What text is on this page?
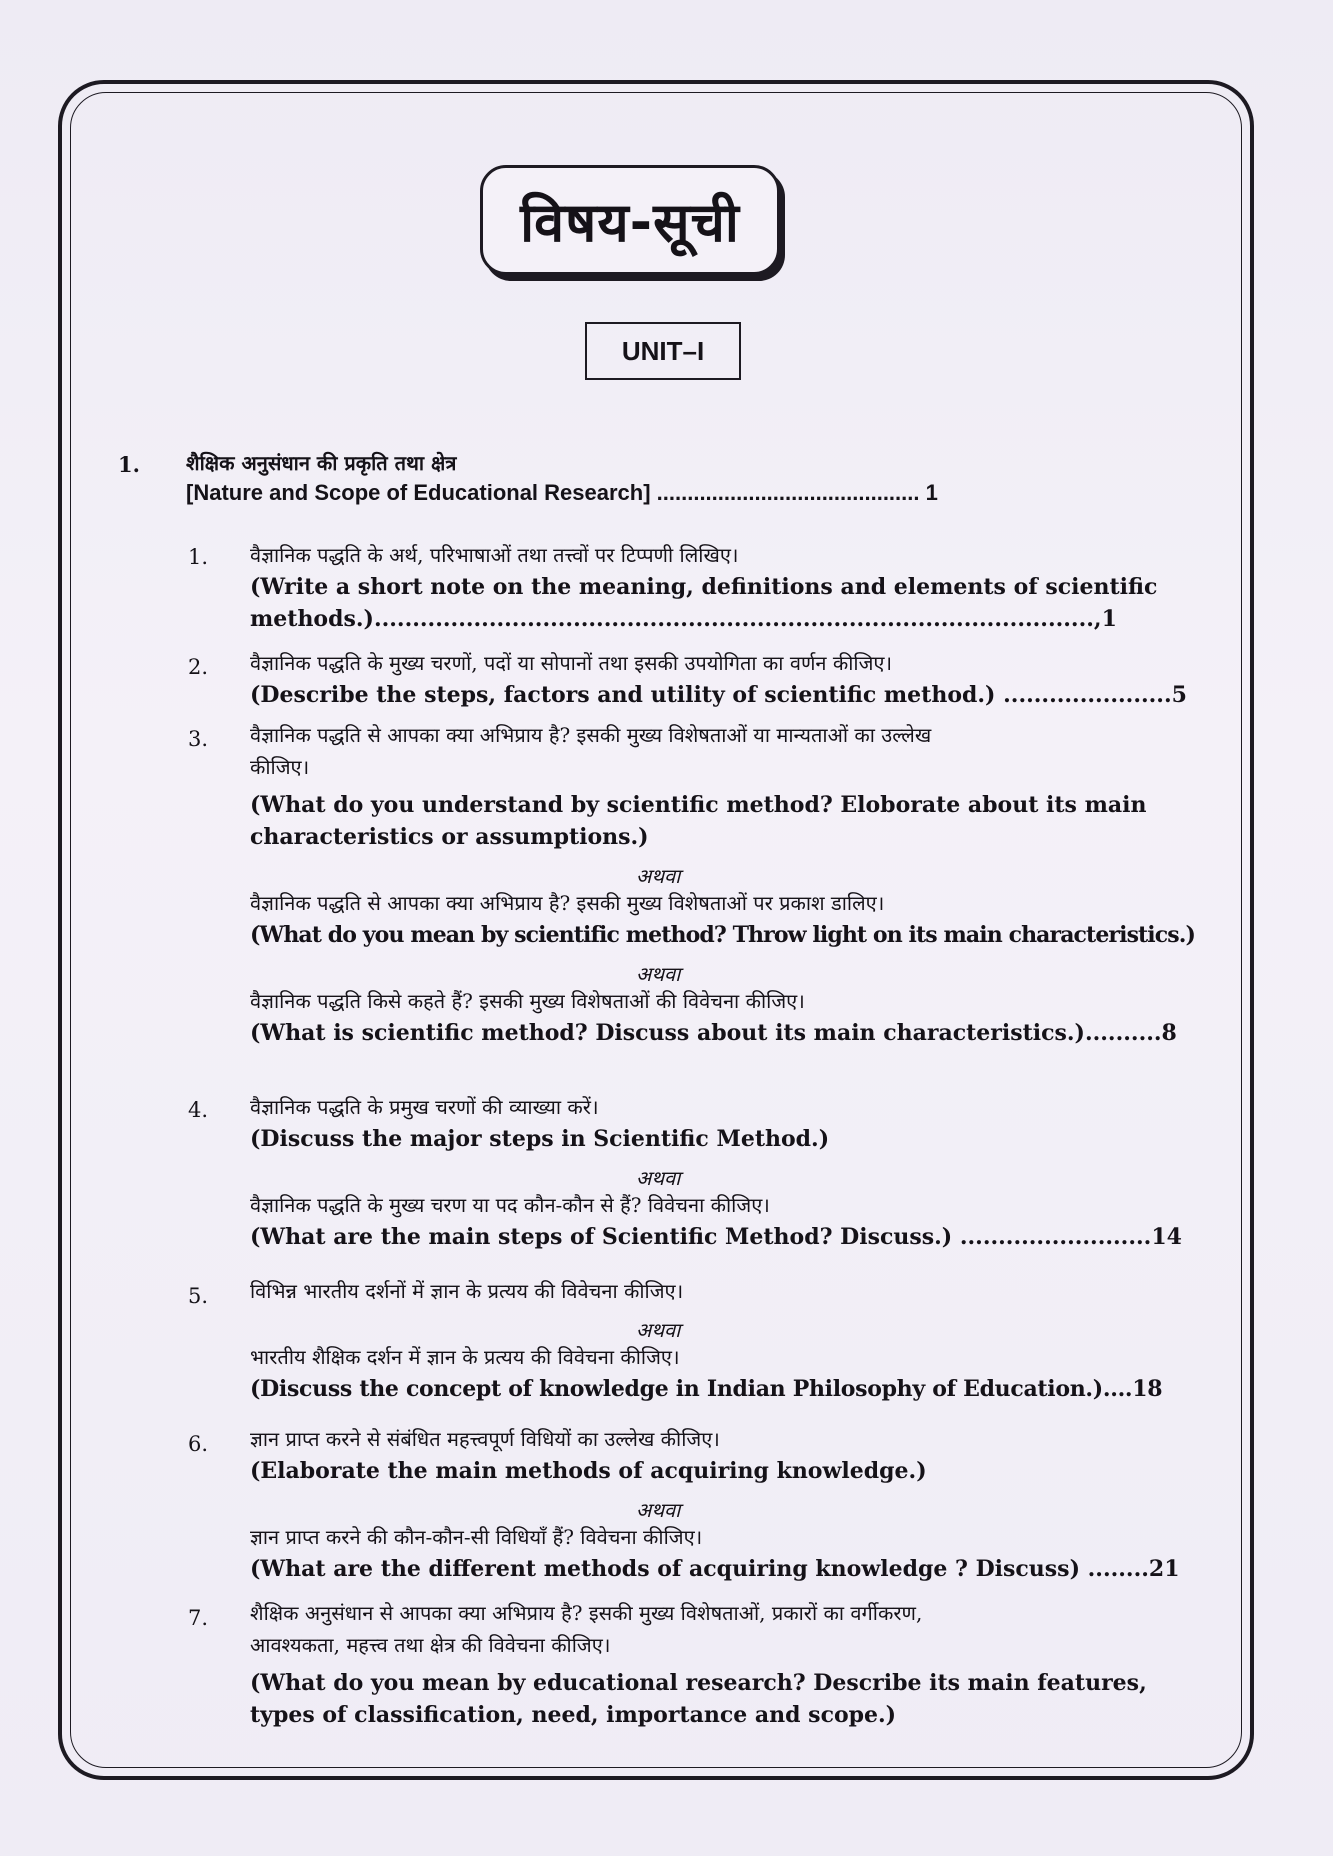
विषय-सूची
UNIT–I
1. शैक्षिक अनुसंधान की प्रकृति तथा क्षेत्र
[Nature and Scope of Educational Research] ........................................... 1
1. वैज्ञानिक पद्धति के अर्थ, परिभाषाओं तथा तत्त्वों पर टिप्पणी लिखिए।
(Write a short note on the meaning, definitions and elements of scientific
methods.)..............................................................................................,1
2. वैज्ञानिक पद्धति के मुख्य चरणों, पदों या सोपानों तथा इसकी उपयोगिता का वर्णन कीजिए।
(Describe the steps, factors and utility of scientific method.) ......................5
3. वैज्ञानिक पद्धति से आपका क्या अभिप्राय है? इसकी मुख्य विशेषताओं या मान्यताओं का उल्लेख
कीजिए।
(What do you understand by scientific method? Eloborate about its main
characteristics or assumptions.)
अथवा
वैज्ञानिक पद्धति से आपका क्या अभिप्राय है? इसकी मुख्य विशेषताओं पर प्रकाश डालिए।
(What do you mean by scientific method? Throw light on its main characteristics.)
अथवा
वैज्ञानिक पद्धति किसे कहते हैं? इसकी मुख्य विशेषताओं की विवेचना कीजिए।
(What is scientific method? Discuss about its main characteristics.)..........8
4. वैज्ञानिक पद्धति के प्रमुख चरणों की व्याख्या करें।
(Discuss the major steps in Scientific Method.)
अथवा
वैज्ञानिक पद्धति के मुख्य चरण या पद कौन-कौन से हैं? विवेचना कीजिए।
(What are the main steps of Scientific Method? Discuss.) .........................14
5. विभिन्न भारतीय दर्शनों में ज्ञान के प्रत्यय की विवेचना कीजिए।
अथवा
भारतीय शैक्षिक दर्शन में ज्ञान के प्रत्यय की विवेचना कीजिए।
(Discuss the concept of knowledge in Indian Philosophy of Education.)....18
6. ज्ञान प्राप्त करने से संबंधित महत्त्वपूर्ण विधियों का उल्लेख कीजिए।
(Elaborate the main methods of acquiring knowledge.)
अथवा
ज्ञान प्राप्त करने की कौन-कौन-सी विधियाँ हैं? विवेचना कीजिए।
(What are the different methods of acquiring knowledge ? Discuss) ........21
7. शैक्षिक अनुसंधान से आपका क्या अभिप्राय है? इसकी मुख्य विशेषताओं, प्रकारों का वर्गीकरण,
आवश्यकता, महत्त्व तथा क्षेत्र की विवेचना कीजिए।
(What do you mean by educational research? Describe its main features,
types of classification, need, importance and scope.)
